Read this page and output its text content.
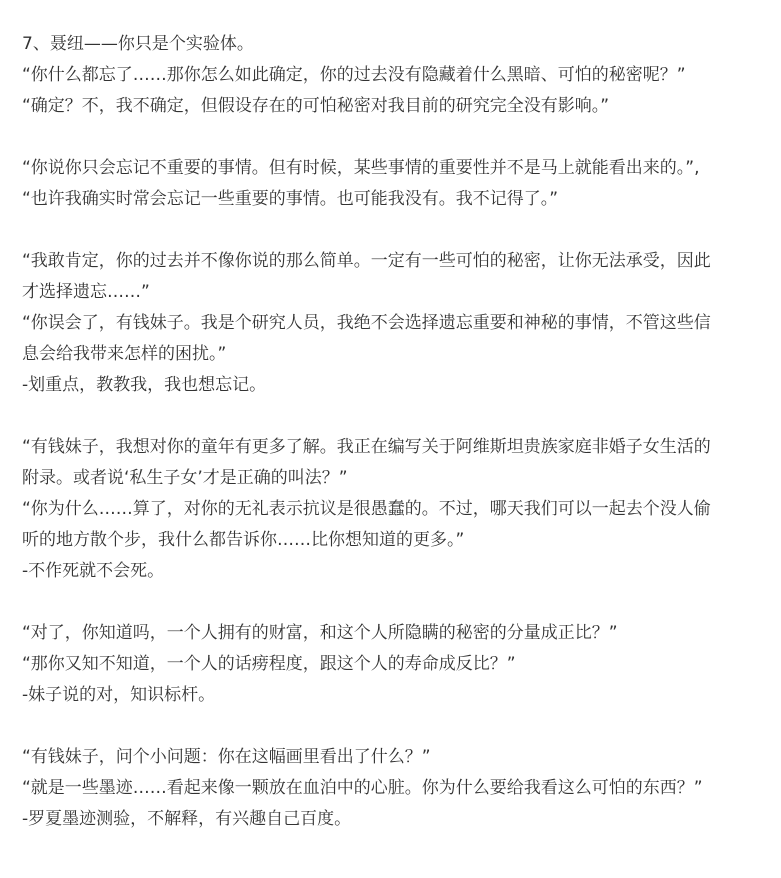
7、聂纽——你只是个实验体。

“你什么都忘了……那你怎么如此确定，你的过去没有隐藏着什么黑暗、可怕的秘密呢？”

“确定？不，我不确定，但假设存在的可怕秘密对我目前的研究完全没有影响。”

“你说你只会忘记不重要的事情。但有时候，某些事情的重要性并不是马上就能看出来的。”,

“也许我确实时常会忘记一些重要的事情。也可能我没有。我不记得了。”

“我敢肯定，你的过去并不像你说的那么简单。一定有一些可怕的秘密，让你无法承受，因此

才选择遗忘……”

“你误会了，有钱妹子。我是个研究人员，我绝不会选择遗忘重要和神秘的事情，不管这些信

息会给我带来怎样的困扰。”

-划重点，教教我，我也想忘记。

“有钱妹子，我想对你的童年有更多了解。我正在编写关于阿维斯坦贵族家庭非婚子女生活的

附录。或者说‘私生子女’才是正确的叫法？”

“你为什么……算了，对你的无礼表示抗议是很愚蠢的。不过，哪天我们可以一起去个没人偷

听的地方散个步，我什么都告诉你……比你想知道的更多。”

-不作死就不会死。

“对了，你知道吗，一个人拥有的财富，和这个人所隐瞒的秘密的分量成正比？”

“那你又知不知道，一个人的话痨程度，跟这个人的寿命成反比？”

-妹子说的对，知识标杆。

“有钱妹子，问个小问题：你在这幅画里看出了什么？”

“就是一些墨迹……看起来像一颗放在血泊中的心脏。你为什么要给我看这么可怕的东西？”

-罗夏墨迹测验，不解释，有兴趣自己百度。
